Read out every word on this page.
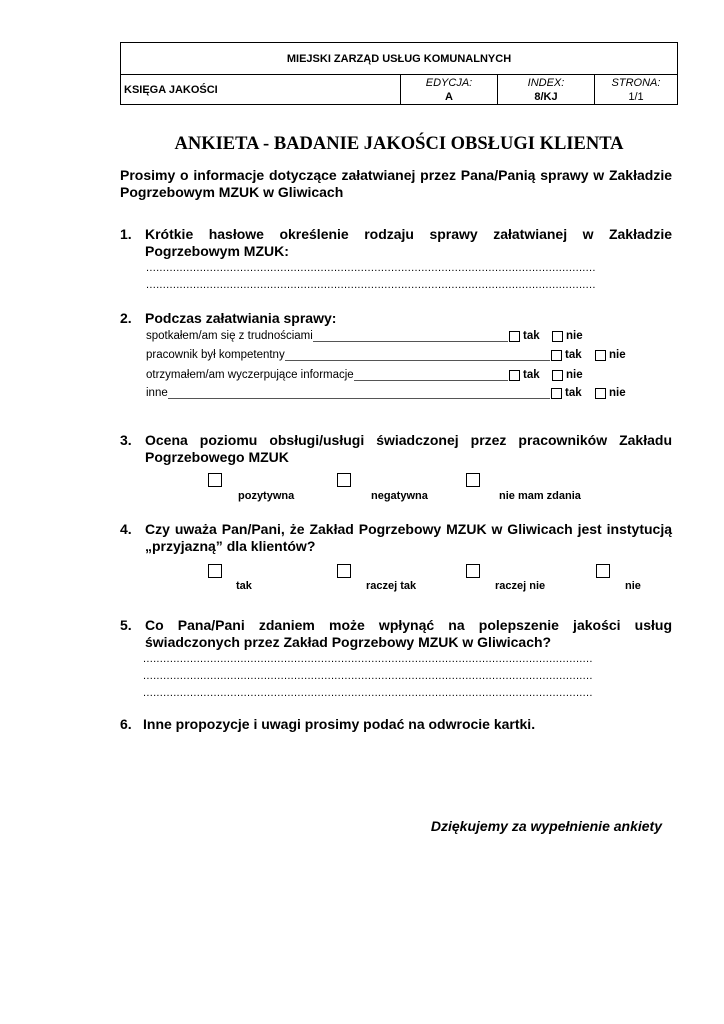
MIEJSKI ZARZĄD USŁUG KOMUNALNYCH
KSIĘGA JAKOŚCI	
EDYCJA:
A

INDEX:
8/KJ

STRONA:
1/1
ANKIETA - BADANIE JAKOŚCI OBSŁUGI KLIENTA
Prosimy o informacje dotyczące załatwianej przez Pana/Panią sprawy w Zakładzie Pogrzebowym MZUK w Gliwicach
1. Krótkie hasłowe określenie rodzaju sprawy załatwianej w Zakładzie Pogrzebowym MZUK:
......................................................................................................................................
......................................................................................................................................
2. Podczas załatwiania sprawy:
spotkałem/am się z trudnościami	tak nie
pracownik był kompetentny	tak nie
otrzymałem/am wyczerpujące informacje	tak nie
inne	tak nie
3. Ocena poziomu obsługi/usługi świadczonej przez pracowników Zakładu Pogrzebowego MZUK
pozytywna	negatywna	nie mam zdania
4. Czy uważa Pan/Pani, że Zakład Pogrzebowy MZUK w Gliwicach jest instytucją „przyjazną” dla klientów?
tak	raczej tak	raczej nie	nie
5. Co Pana/Pani zdaniem może wpłynąć na polepszenie jakości usług świadczonych przez Zakład Pogrzebowy MZUK w Gliwicach?
......................................................................................................................................
......................................................................................................................................
......................................................................................................................................
6. Inne propozycje i uwagi prosimy podać na odwrocie kartki.
Dziękujemy za wypełnienie ankiety
